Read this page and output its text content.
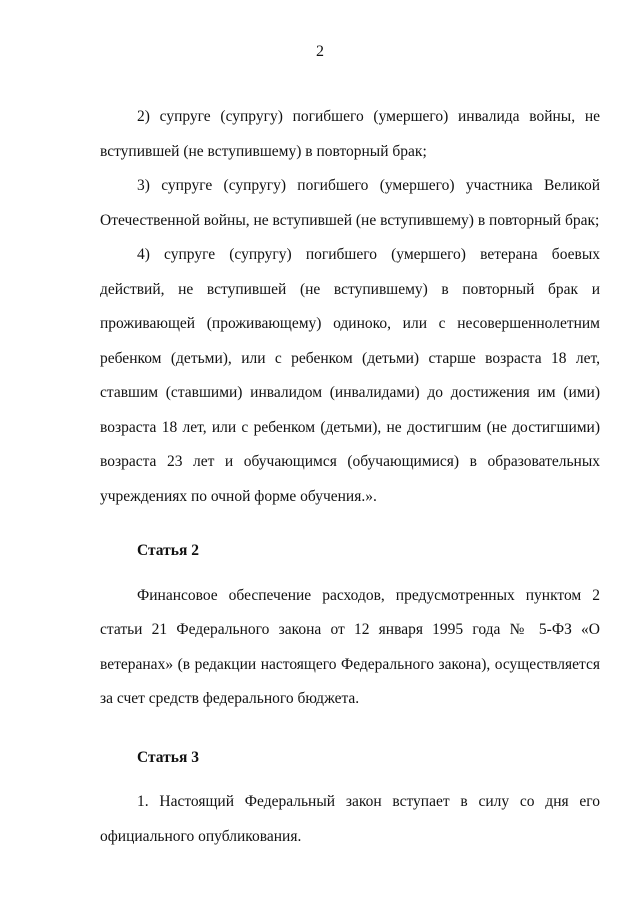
2

2) супруге (супругу) погибшего (умершего) инвалида войны, не вступившей (не вступившему) в повторный брак;

3) супруге (супругу) погибшего (умершего) участника Великой Отечественной войны, не вступившей (не вступившему) в повторный брак;

4) супруге (супругу) погибшего (умершего) ветерана боевых действий, не вступившей (не вступившему) в повторный брак и проживающей (проживающему) одиноко, или с несовершеннолетним ребенком (детьми), или с ребенком (детьми) старше возраста 18 лет, ставшим (ставшими) инвалидом (инвалидами) до достижения им (ими) возраста 18 лет, или с ребенком (детьми), не достигшим (не достигшими) возраста 23 лет и обучающимся (обучающимися) в образовательных учреждениях по очной форме обучения.».

Статья 2

Финансовое обеспечение расходов, предусмотренных пунктом 2 статьи 21 Федерального закона от 12 января 1995 года № 5-ФЗ «О ветеранах» (в редакции настоящего Федерального закона), осуществляется за счет средств федерального бюджета.

Статья 3

1. Настоящий Федеральный закон вступает в силу со дня его официального опубликования.
